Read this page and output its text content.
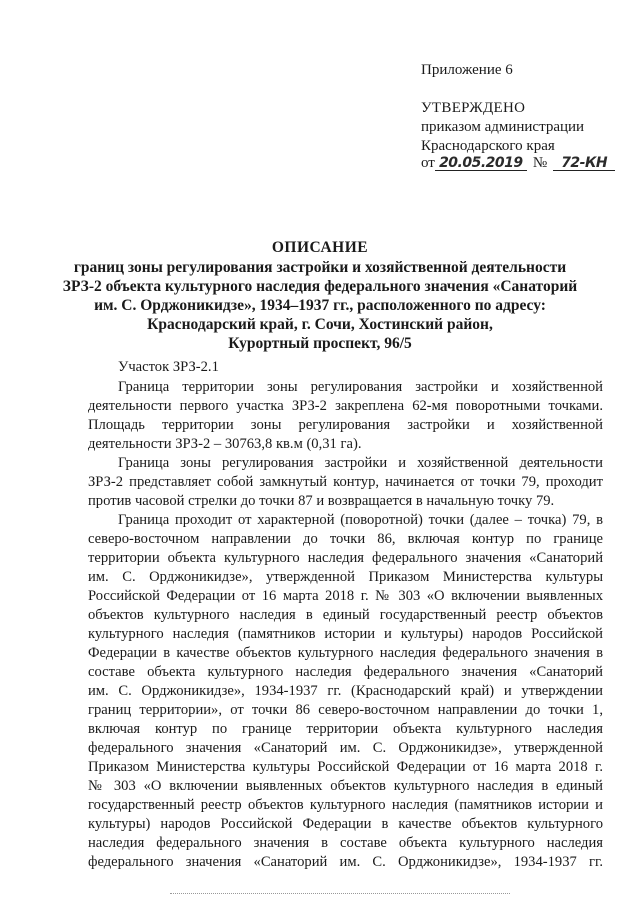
Приложение 6
УТВЕРЖДЕНО
приказом администрации
Краснодарского края
от 20.05.2019 № 72-КН
ОПИСАНИЕ
границ зоны регулирования застройки и хозяйственной деятельности
ЗРЗ-2 объекта культурного наследия федерального значения «Санаторий
им. С. Орджоникидзе», 1934–1937 гг., расположенного по адресу:
Краснодарский край, г. Сочи, Хостинский район,
Курортный проспект, 96/5
Участок ЗРЗ-2.1
Граница территории зоны регулирования застройки и хозяйственной
деятельности первого участка ЗРЗ-2 закреплена 62-мя поворотными точками.
Площадь территории зоны регулирования застройки и хозяйственной
деятельности ЗРЗ-2 – 30763,8 кв.м (0,31 га).
Граница зоны регулирования застройки и хозяйственной деятельности
ЗРЗ-2 представляет собой замкнутый контур, начинается от точки 79, проходит
против часовой стрелки до точки 87 и возвращается в начальную точку 79.
Граница проходит от характерной (поворотной) точки (далее – точка) 79, в
северо-восточном направлении до точки 86, включая контур по границе
территории объекта культурного наследия федерального значения «Санаторий
им. С. Орджоникидзе», утвержденной Приказом Министерства культуры
Российской Федерации от 16 марта 2018 г. № 303 «О включении выявленных
объектов культурного наследия в единый государственный реестр объектов
культурного наследия (памятников истории и культуры) народов Российской
Федерации в качестве объектов культурного наследия федерального значения в
составе объекта культурного наследия федерального значения «Санаторий
им. С. Орджоникидзе», 1934-1937 гг. (Краснодарский край) и утверждении
границ территории», от точки 86 северо-восточном направлении до точки 1,
включая контур по границе территории объекта культурного наследия
федерального значения «Санаторий им. С. Орджоникидзе», утвержденной
Приказом Министерства культуры Российской Федерации от 16 марта 2018 г.
№ 303 «О включении выявленных объектов культурного наследия в единый
государственный реестр объектов культурного наследия (памятников истории и
культуры) народов Российской Федерации в качестве объектов культурного
наследия федерального значения в составе объекта культурного наследия
федерального значения «Санаторий им. С. Орджоникидзе», 1934-1937 гг.
